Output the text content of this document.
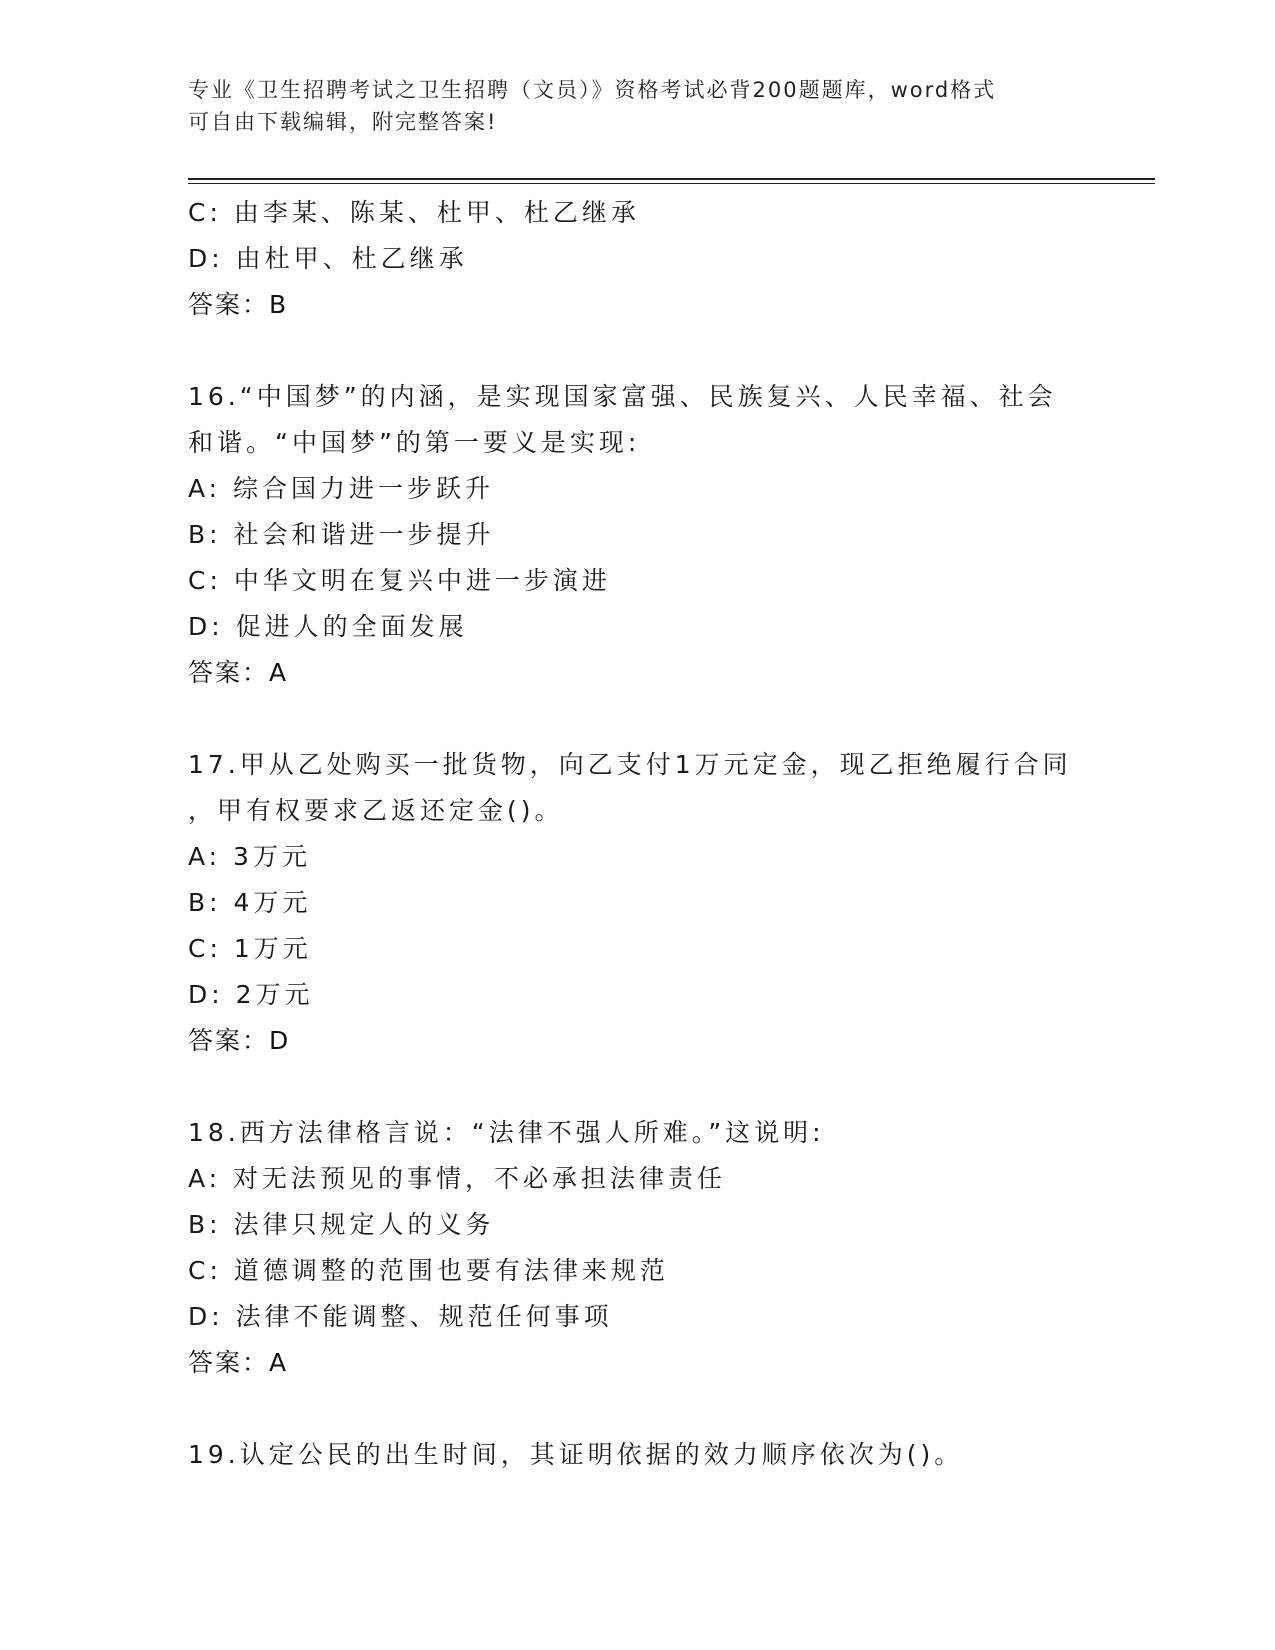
专业《卫生招聘考试之卫生招聘（文员）》资格考试必背200题题库，word格式
可自由下载编辑，附完整答案!
C: 由李某、陈某、杜甲、杜乙继承
D: 由杜甲、杜乙继承
答案：B
16.“中国梦”的内涵，是实现国家富强、民族复兴、人民幸福、社会
和谐。“中国梦”的第一要义是实现:
A: 综合国力进一步跃升
B: 社会和谐进一步提升
C: 中华文明在复兴中进一步演进
D: 促进人的全面发展
答案：A
17.甲从乙处购买一批货物，向乙支付1万元定金，现乙拒绝履行合同
，甲有权要求乙返还定金()。
A: 3万元
B: 4万元
C: 1万元
D: 2万元
答案：D
18.西方法律格言说：“法律不强人所难。”这说明:
A: 对无法预见的事情，不必承担法律责任
B: 法律只规定人的义务
C: 道德调整的范围也要有法律来规范
D: 法律不能调整、规范任何事项
答案：A
19.认定公民的出生时间，其证明依据的效力顺序依次为()。
